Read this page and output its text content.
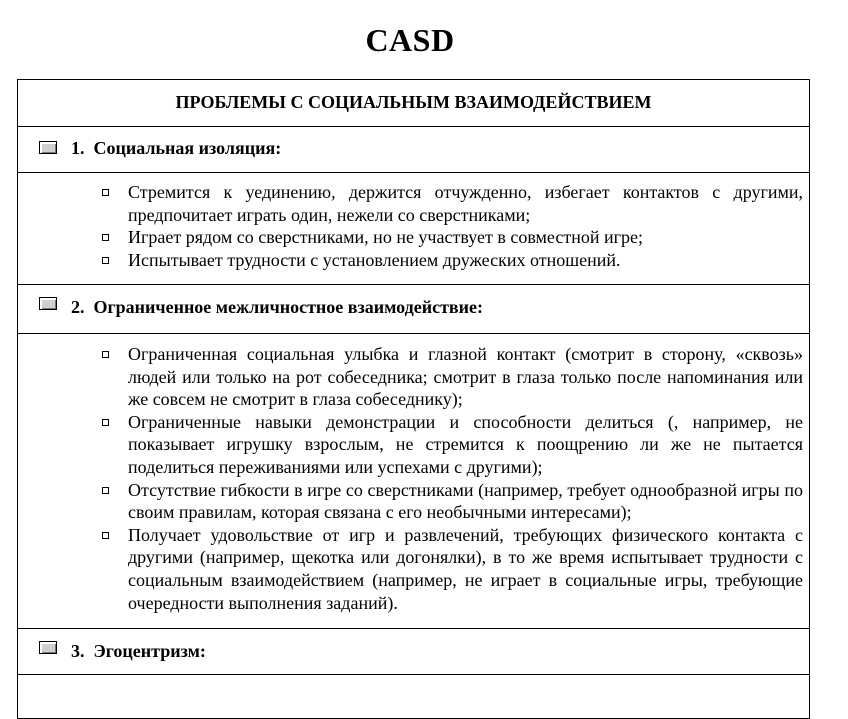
CASD
ПРОБЛЕМЫ С СОЦИАЛЬНЫМ ВЗАИМОДЕЙСТВИЕМ
1. Социальная изоляция:
Стремится к уединению, держится отчужденно, избегает контактов с другими, предпочитает играть один, нежели со сверстниками;
Играет рядом со сверстниками, но не участвует в совместной игре;
Испытывает трудности с установлением дружеских отношений.
2. Ограниченное межличностное взаимодействие:
Ограниченная социальная улыбка и глазной контакт (смотрит в сторону, «сквозь» людей или только на рот собеседника; смотрит в глаза только после напоминания или же совсем не смотрит в глаза собеседнику);
Ограниченные навыки демонстрации и способности делиться (, например, не показывает игрушку взрослым, не стремится к поощрению ли же не пытается поделиться переживаниями или успехами с другими);
Отсутствие гибкости в игре со сверстниками (например, требует однообразной игры по своим правилам, которая связана с его необычными интересами);
Получает удовольствие от игр и развлечений, требующих физического контакта с другими (например, щекотка или догонялки), в то же время испытывает трудности с социальным взаимодействием (например, не играет в социальные игры, требующие очередности выполнения заданий).
3. Эгоцентризм:
